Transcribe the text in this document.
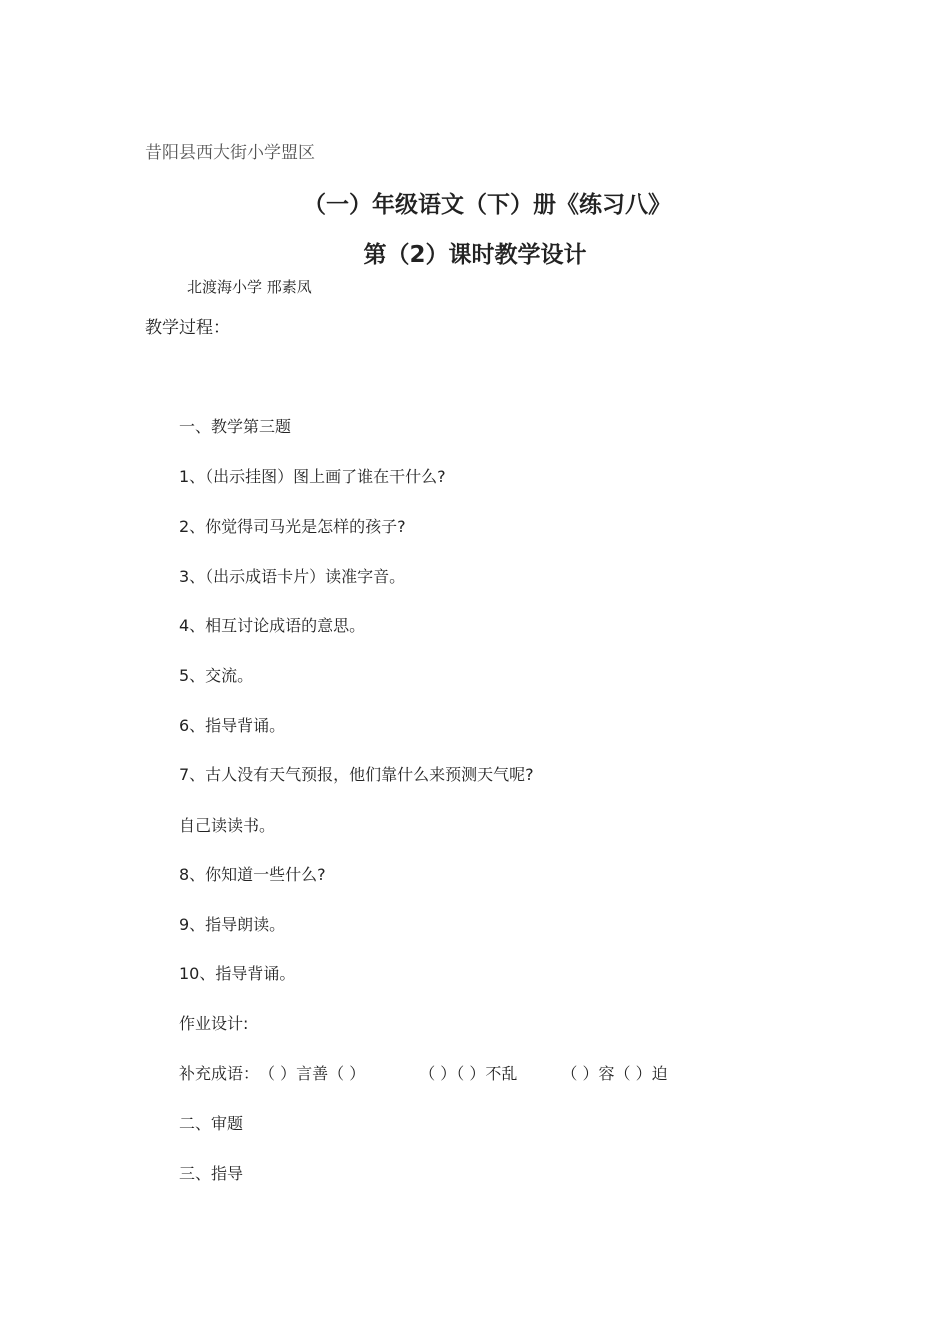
昔阳县西大街小学盟区
（一）年级语文（下）册《练习八》
第（2）课时教学设计
北渡海小学 邢素凤
教学过程：
一、教学第三题
1、（出示挂图）图上画了谁在干什么?
2、你觉得司马光是怎样的孩子?
3、（出示成语卡片）读准字音。
4、相互讨论成语的意思。
5、交流。
6、指导背诵。
7、古人没有天气预报，他们靠什么来预测天气呢?
自己读读书。
8、你知道一些什么?
9、指导朗读。
10、指导背诵。
作业设计:
补充成语：（ ）言善（ ）	（ ）（ ）不乱	（ ）容（ ）迫
二、审题
三、指导
